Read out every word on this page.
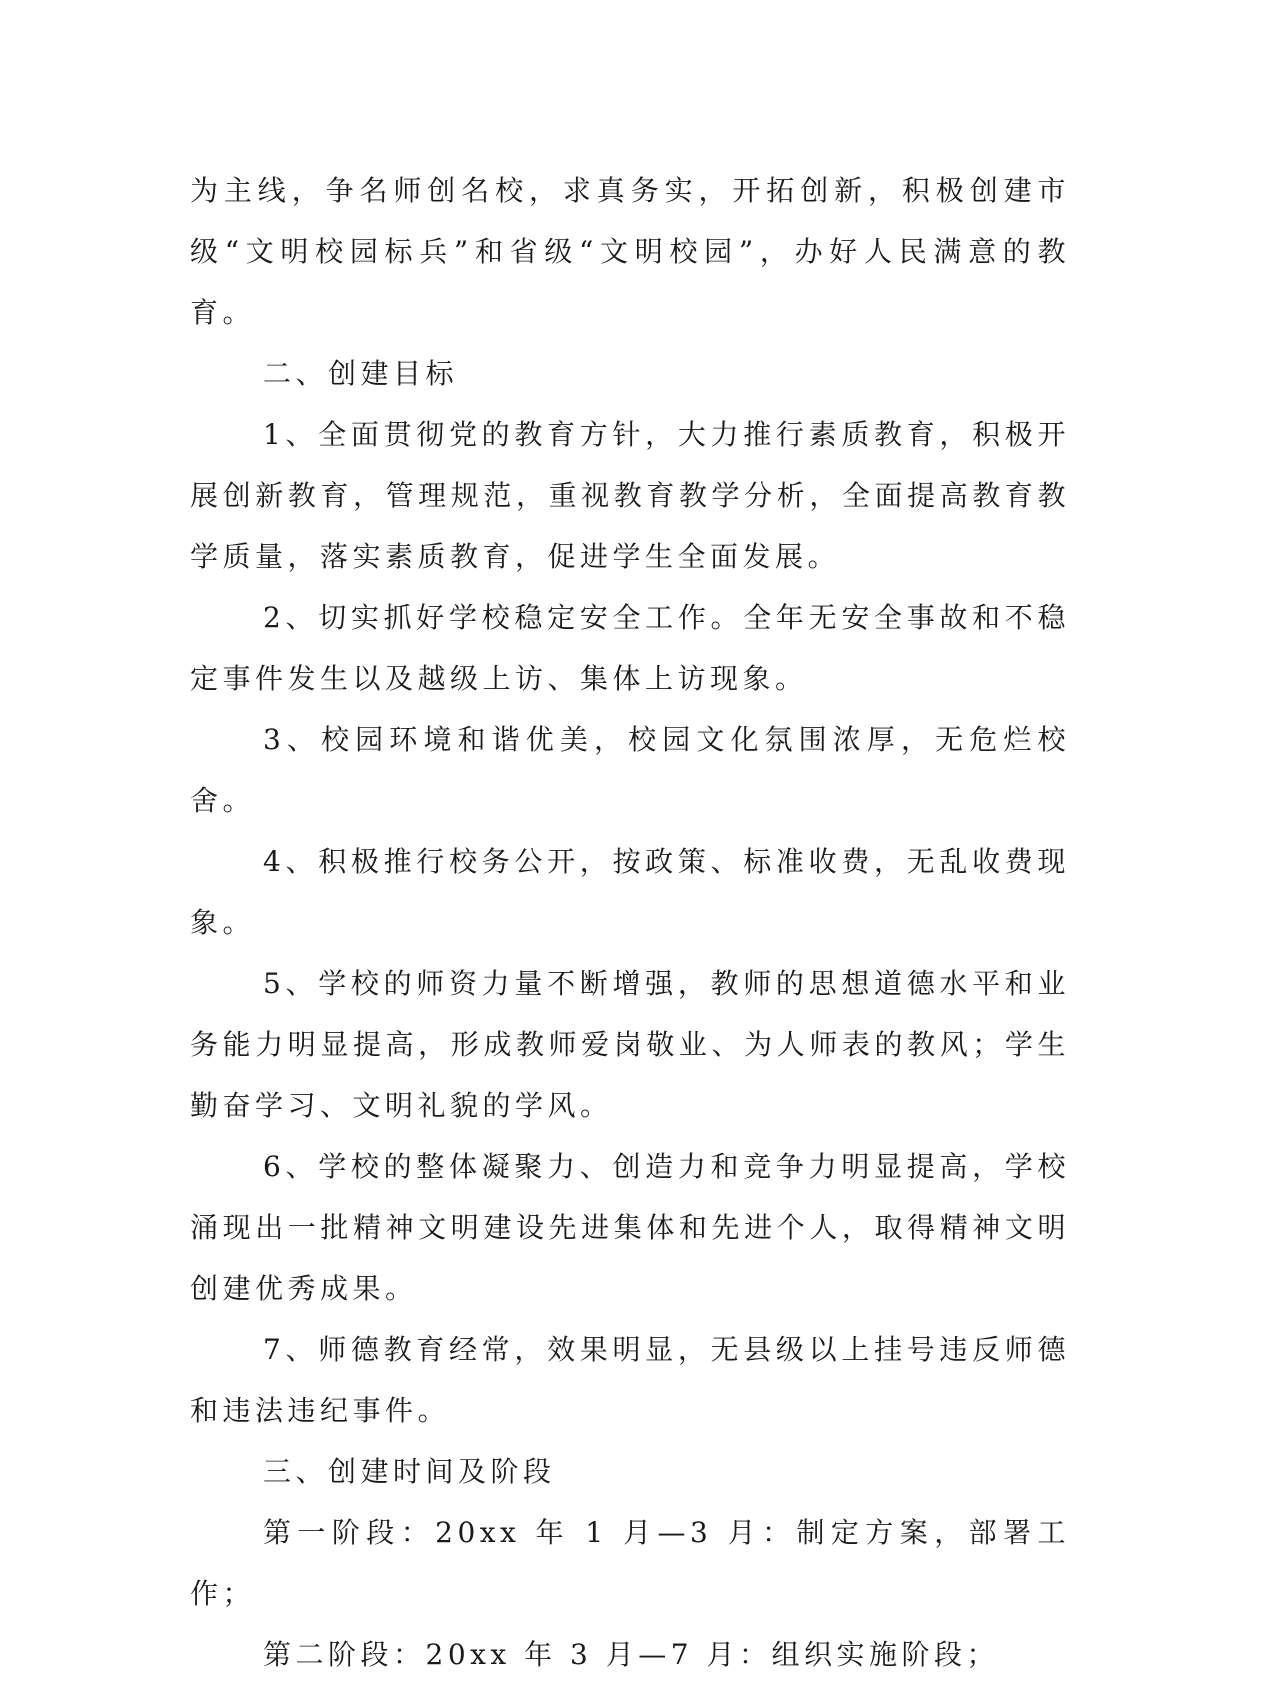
为主线，争名师创名校，求真务实，开拓创新，积极创建市级“文明校园标兵”和省级“文明校园”，办好人民满意的教育。

二、创建目标

1、全面贯彻党的教育方针，大力推行素质教育，积极开展创新教育，管理规范，重视教育教学分析，全面提高教育教学质量，落实素质教育，促进学生全面发展。

2、切实抓好学校稳定安全工作。全年无安全事故和不稳定事件发生以及越级上访、集体上访现象。

3、校园环境和谐优美，校园文化氛围浓厚，无危烂校舍。

4、积极推行校务公开，按政策、标准收费，无乱收费现象。

5、学校的师资力量不断增强，教师的思想道德水平和业务能力明显提高，形成教师爱岗敬业、为人师表的教风；学生勤奋学习、文明礼貌的学风。

6、学校的整体凝聚力、创造力和竞争力明显提高，学校涌现出一批精神文明建设先进集体和先进个人，取得精神文明创建优秀成果。

7、师德教育经常，效果明显，无县级以上挂号违反师德和违法违纪事件。

三、创建时间及阶段

第一阶段：20xx 年 1 月—3 月：制定方案，部署工作；

第二阶段：20xx 年 3 月—7 月：组织实施阶段；
